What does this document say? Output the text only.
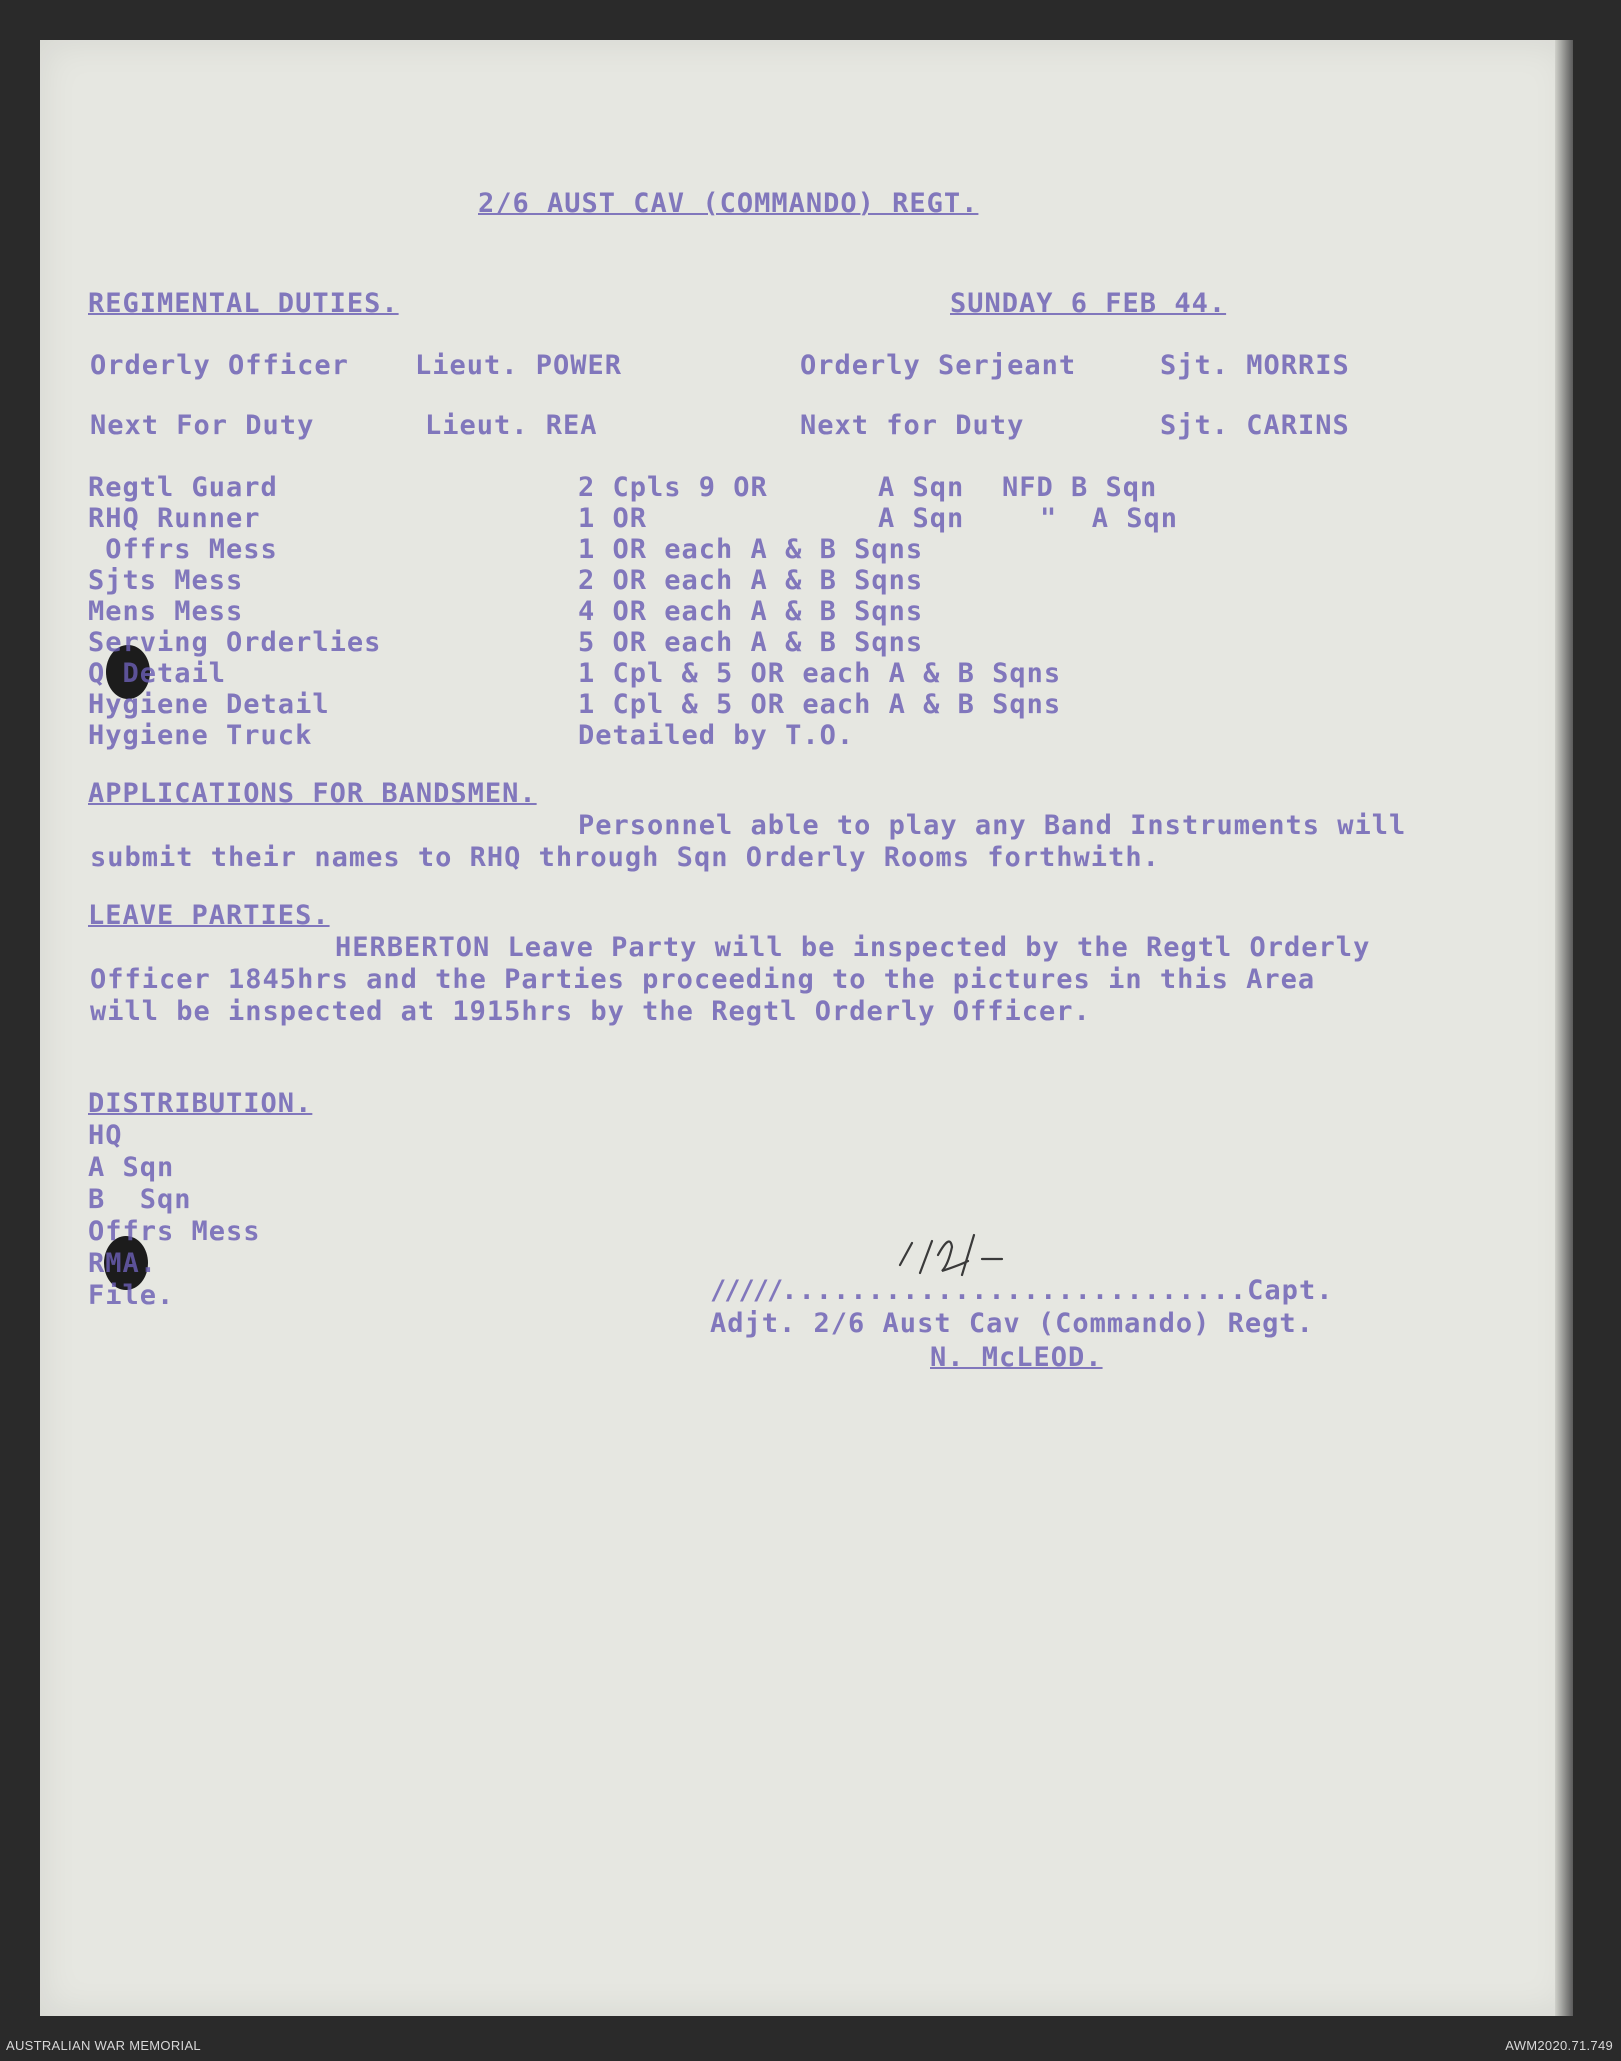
2/6 AUST CAV (COMMANDO) REGT.
REGIMENTAL DUTIES.	SUNDAY 6 FEB 44.
Orderly Officer Lieut. POWER	Orderly Serjeant	Sjt. MORRIS
Next For Duty	Lieut. REA	Next for Duty	Sjt. CARINS
Regtl Guard	2 Cpls 9 OR	A Sqn NFD B Sqn
RHQ Runner	1 OR	A Sqn	"  A Sqn
Offrs Mess	1 OR each A & B Sqns
Sjts Mess	2 OR each A & B Sqns
Mens Mess	4 OR each A & B Sqns
Serving Orderlies	5 OR each A & B Sqns
Q Detail	1 Cpl & 5 OR each A & B Sqns
Hygiene Detail	1 Cpl & 5 OR each A & B Sqns
Hygiene Truck	Detailed by T.O.
APPLICATIONS FOR BANDSMEN.
Personnel able to play any Band Instruments will
submit their names to RHQ through Sqn Orderly Rooms forthwith.
LEAVE PARTIES.
HERBERTON Leave Party will be inspected by the Regtl Orderly
Officer 1845hrs and the Parties proceeding to the pictures in this Area
will be inspected at 1915hrs by the Regtl Orderly Officer.
DISTRIBUTION.
HQ
A Sqn
B  Sqn
Offrs Mess
RMA.
File.	/////...........................Capt.
Adjt. 2/6 Aust Cav (Commando) Regt.
N. McLEOD.
AUSTRALIAN WAR MEMORIAL	AWM2020.71.749
